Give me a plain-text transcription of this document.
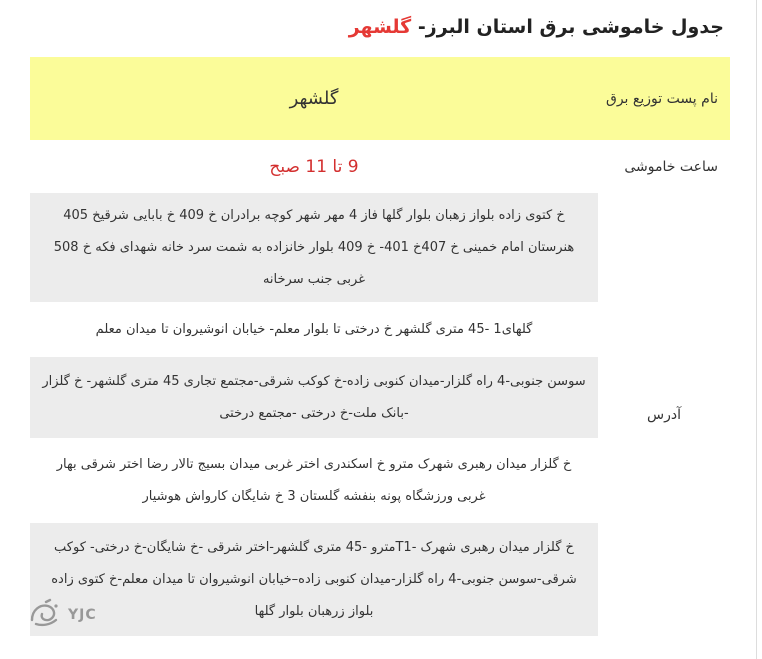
جدول خاموشی برق استان البرز- گلشهر
نام پست توزیع برق	گلشهر
ساعت خاموشی	9 تا 11 صبح
آدرس	خ کتوی زاده بلواز زهبان بلوار گلها فاز 4 مهر شهر کوچه برادران خ 409 خ بابایی شرقیخ 405 هنرستان امام خمینی خ 407خ 401- خ 409 بلوار خانزاده به شمت سرد خانه شهدای فکه خ 508 غربی جنب سرخانه
	گلهای1 -45 متری گلشهر خ درختی تا بلوار معلم- خیابان انوشیروان تا میدان معلم
	سوسن جنوبی-4 راه گلزار-میدان کنوبی زاده-خ کوکب شرقی-مجتمع تجاری 45 متری گلشهر- خ گلزار -بانک ملت-خ درختی -مجتمع درختی
	خ گلزار میدان رهبری شهرک مترو خ اسکندری اختر غربی میدان بسیج تالار رضا اختر شرقی بهار غربی ورزشگاه پونه بنفشه گلستان 3 خ شایگان کارواش هوشیار
	خ گلزار میدان رهبری شهرک -T1مترو -45 متری گلشهر-اختر شرقی -خ شایگان-خ درختی- کوکب شرقی-سوسن جنوبی-4 راه گلزار-میدان کنوبی زاده–خیابان انوشیروان تا میدان معلم-خ کتوی زاده بلواز زرهبان بلوار گلها
YJC
